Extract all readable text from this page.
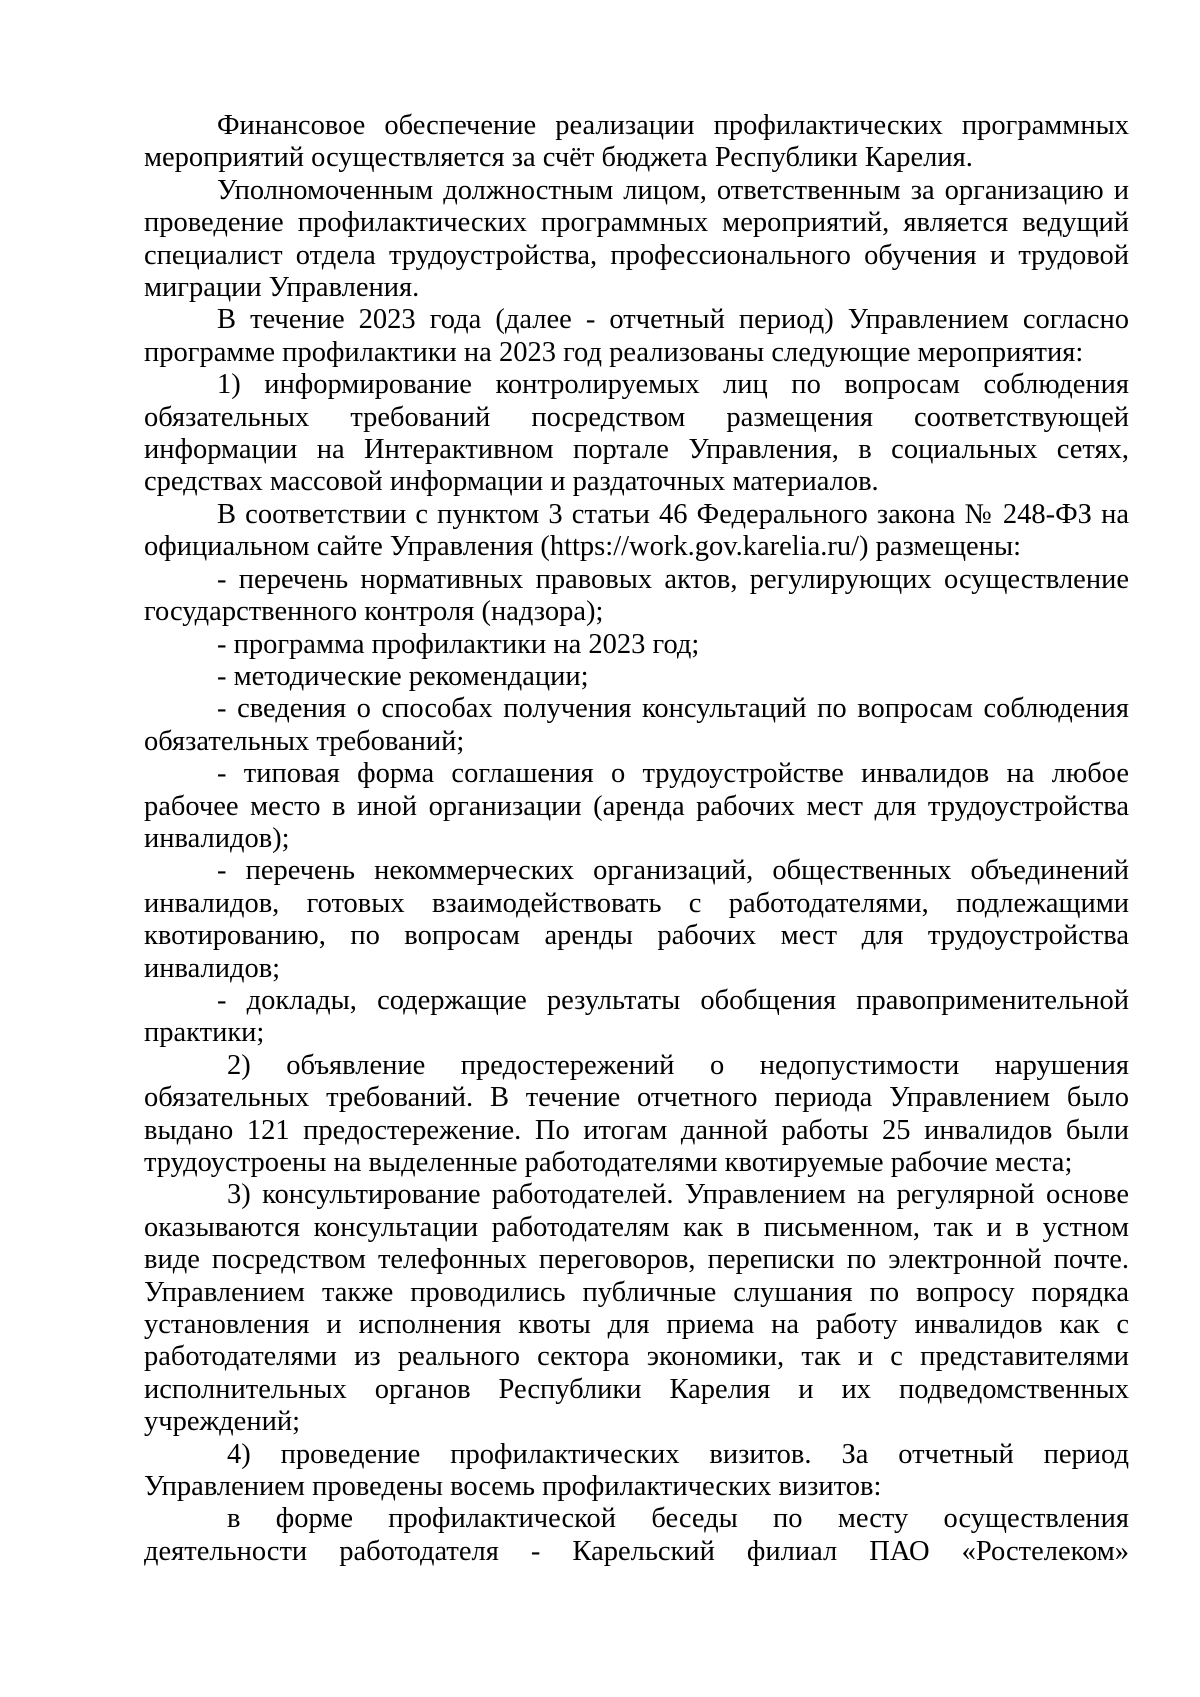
Финансовое обеспечение реализации профилактических программных мероприятий осуществляется за счёт бюджета Республики Карелия.

Уполномоченным должностным лицом, ответственным за организацию и проведение профилактических программных мероприятий, является ведущий специалист отдела трудоустройства, профессионального обучения и трудовой миграции Управления.

В течение 2023 года (далее - отчетный период) Управлением согласно программе профилактики на 2023 год реализованы следующие мероприятия:

1) информирование контролируемых лиц по вопросам соблюдения обязательных требований посредством размещения соответствующей информации на Интерактивном портале Управления, в социальных сетях, средствах массовой информации и раздаточных материалов.

В соответствии с пунктом 3 статьи 46 Федерального закона № 248-ФЗ на официальном сайте Управления (https://work.gov.karelia.ru/) размещены:

- перечень нормативных правовых актов, регулирующих осуществление государственного контроля (надзора);

- программа профилактики на 2023 год;

- методические рекомендации;

- сведения о способах получения консультаций по вопросам соблюдения обязательных требований;

- типовая форма соглашения о трудоустройстве инвалидов на любое рабочее место в иной организации (аренда рабочих мест для трудоустройства инвалидов);

- перечень некоммерческих организаций, общественных объединений инвалидов, готовых взаимодействовать с работодателями, подлежащими квотированию, по вопросам аренды рабочих мест для трудоустройства инвалидов;

- доклады, содержащие результаты обобщения правоприменительной практики;

2) объявление предостережений о недопустимости нарушения обязательных требований. В течение отчетного периода Управлением было выдано 121 предостережение. По итогам данной работы 25 инвалидов были трудоустроены на выделенные работодателями квотируемые рабочие места;

3) консультирование работодателей. Управлением на регулярной основе оказываются консультации работодателям как в письменном, так и в устном виде посредством телефонных переговоров, переписки по электронной почте. Управлением также проводились публичные слушания по вопросу порядка установления и исполнения квоты для приема на работу инвалидов как с работодателями из реального сектора экономики, так и с представителями исполнительных органов Республики Карелия и их подведомственных учреждений;

4) проведение профилактических визитов. За отчетный период Управлением проведены восемь профилактических визитов:

в форме профилактической беседы по месту осуществления деятельности работодателя - Карельский филиал ПАО «Ростелеком»
